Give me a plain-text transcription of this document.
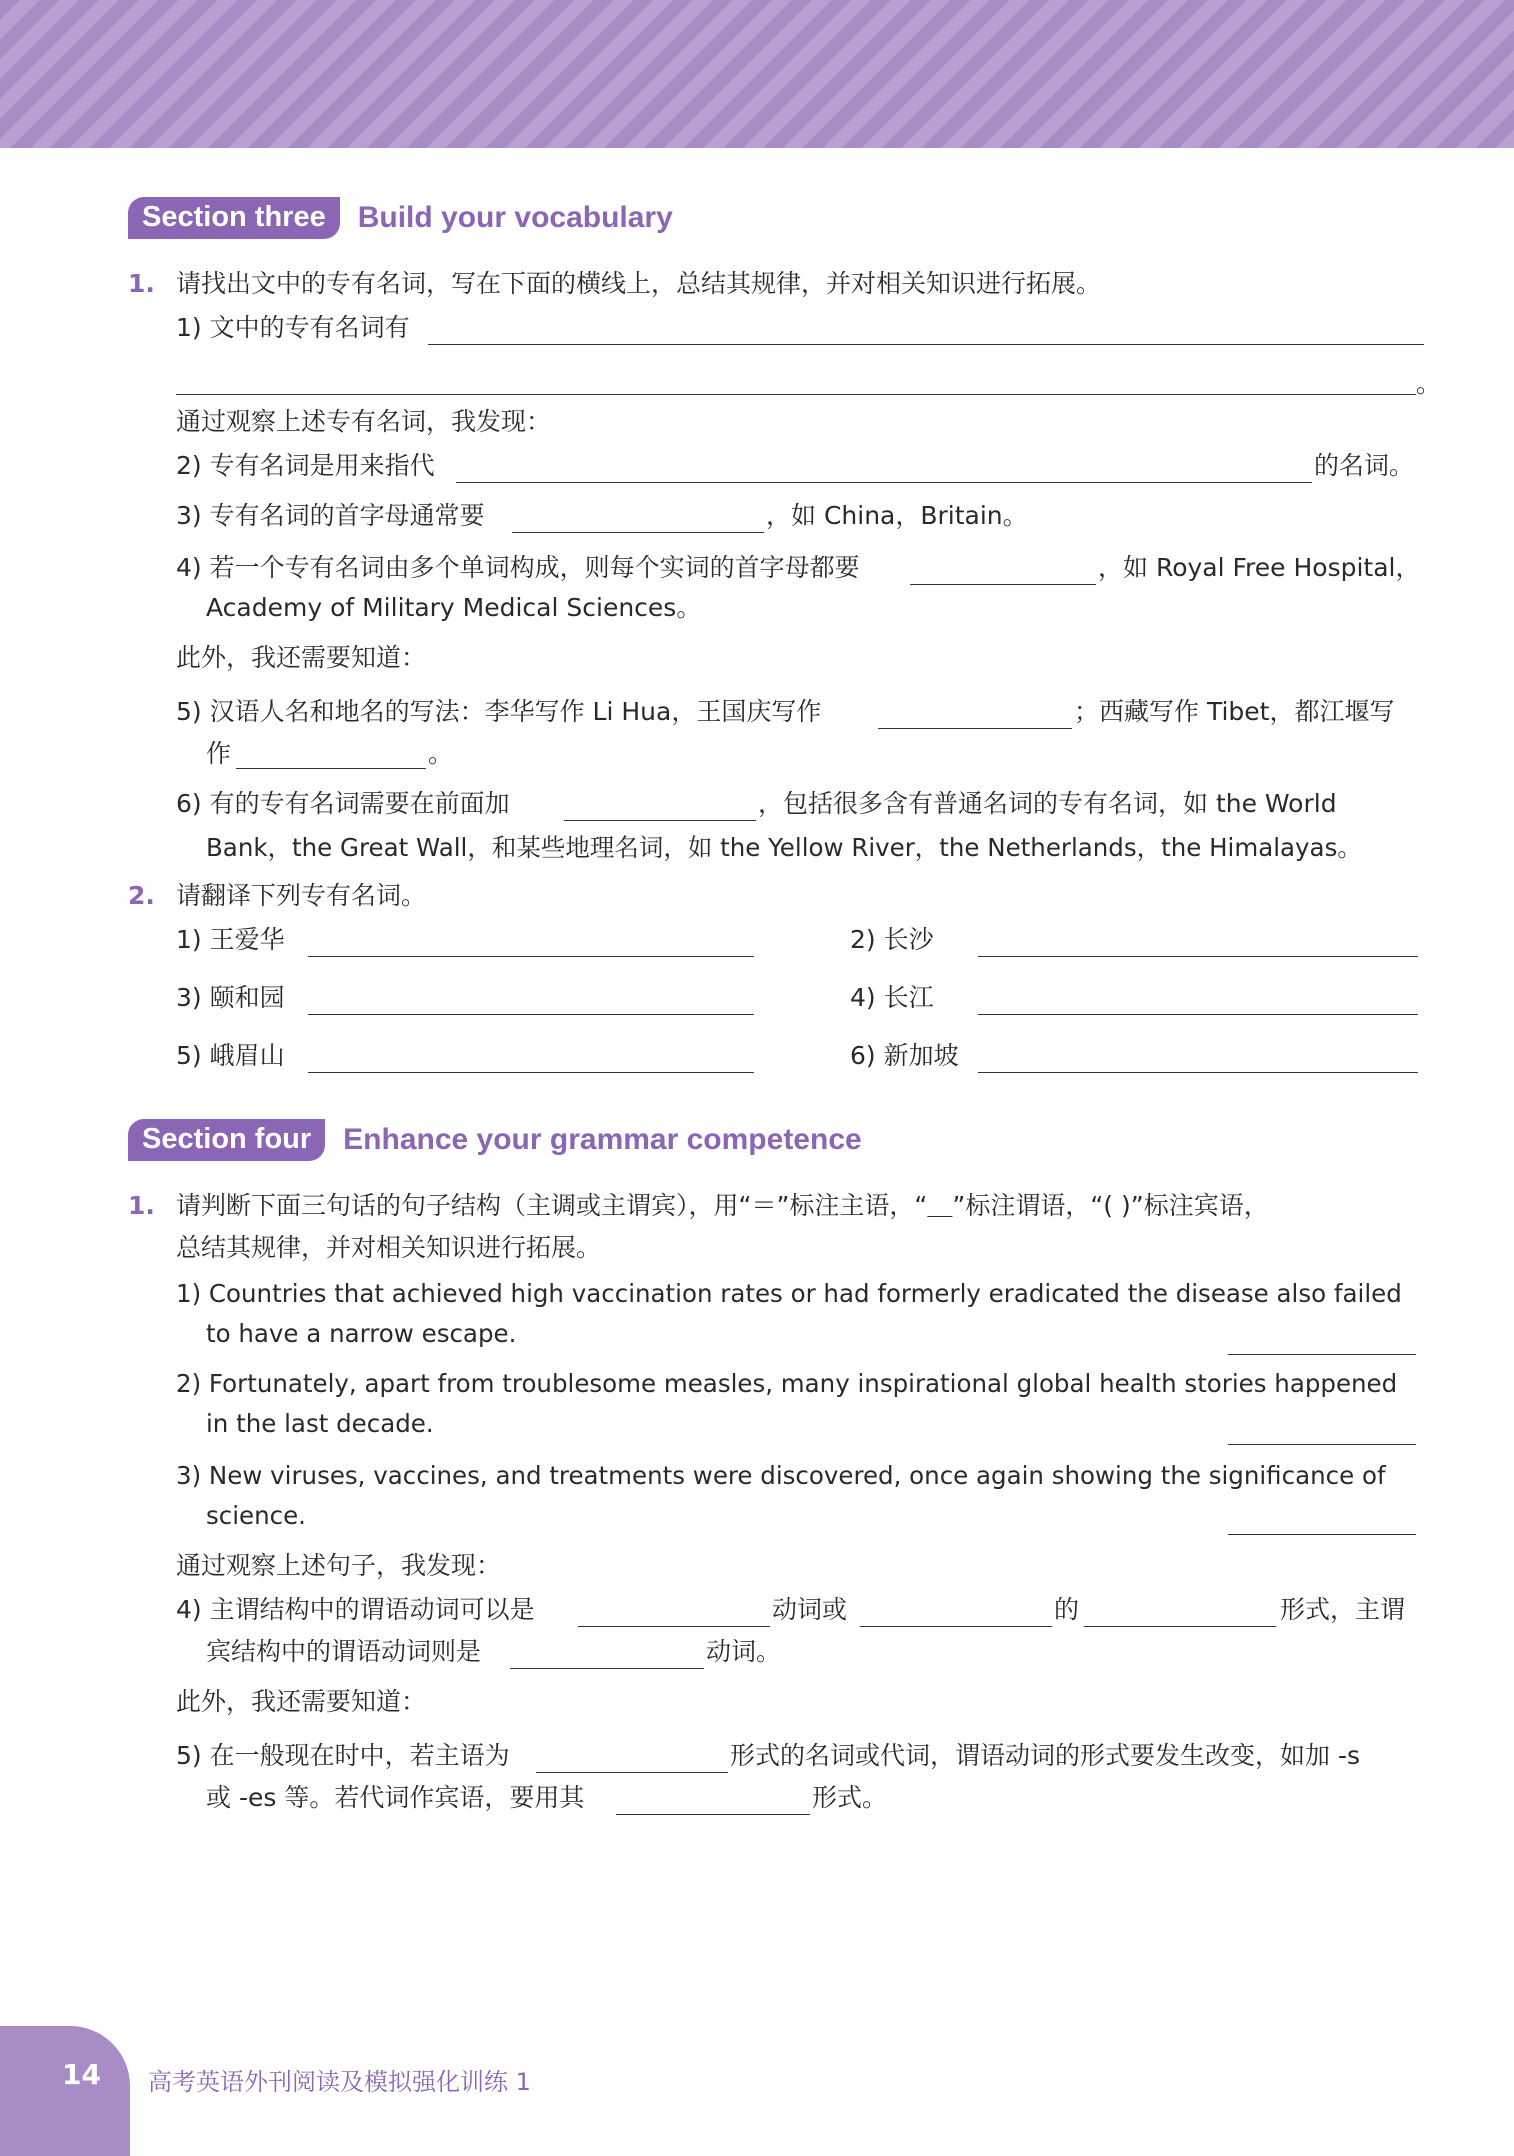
Section three	Build your vocabulary
1. 请找出文中的专有名词，写在下面的横线上，总结其规律，并对相关知识进行拓展。
1) 文中的专有名词有
。
通过观察上述专有名词，我发现：
2) 专有名词是用来指代	的名词。
3) 专有名词的首字母通常要	，如 China，Britain。
4) 若一个专有名词由多个单词构成，则每个实词的首字母都要	，如 Royal Free Hospital，
Academy of Military Medical Sciences。
此外，我还需要知道：
5) 汉语人名和地名的写法：李华写作 Li Hua，王国庆写作	；西藏写作 Tibet，都江堰写
作	。
6) 有的专有名词需要在前面加	，包括很多含有普通名词的专有名词，如 the World
Bank，the Great Wall，和某些地理名词，如 the Yellow River，the Netherlands，the Himalayas。
2. 请翻译下列专有名词。
1) 王爱华	2) 长沙
3) 颐和园	4) 长江
5) 峨眉山	6) 新加坡
Section four	Enhance your grammar competence
1. 请判断下面三句话的句子结构（主调或主谓宾），用“＝”标注主语，“＿”标注谓语，“( )”标注宾语，
总结其规律，并对相关知识进行拓展。
1) Countries that achieved high vaccination rates or had formerly eradicated the disease also failed
to have a narrow escape.
2) Fortunately, apart from troublesome measles, many inspirational global health stories happened
in the last decade.
3) New viruses, vaccines, and treatments were discovered, once again showing the significance of
science.
通过观察上述句子，我发现：
4) 主谓结构中的谓语动词可以是	动词或	的	形式，主谓
宾结构中的谓语动词则是	动词。
此外，我还需要知道：
5) 在一般现在时中，若主语为	形式的名词或代词，谓语动词的形式要发生改变，如加 -s
或 -es 等。若代词作宾语，要用其	形式。
14 高考英语外刊阅读及模拟强化训练 1
